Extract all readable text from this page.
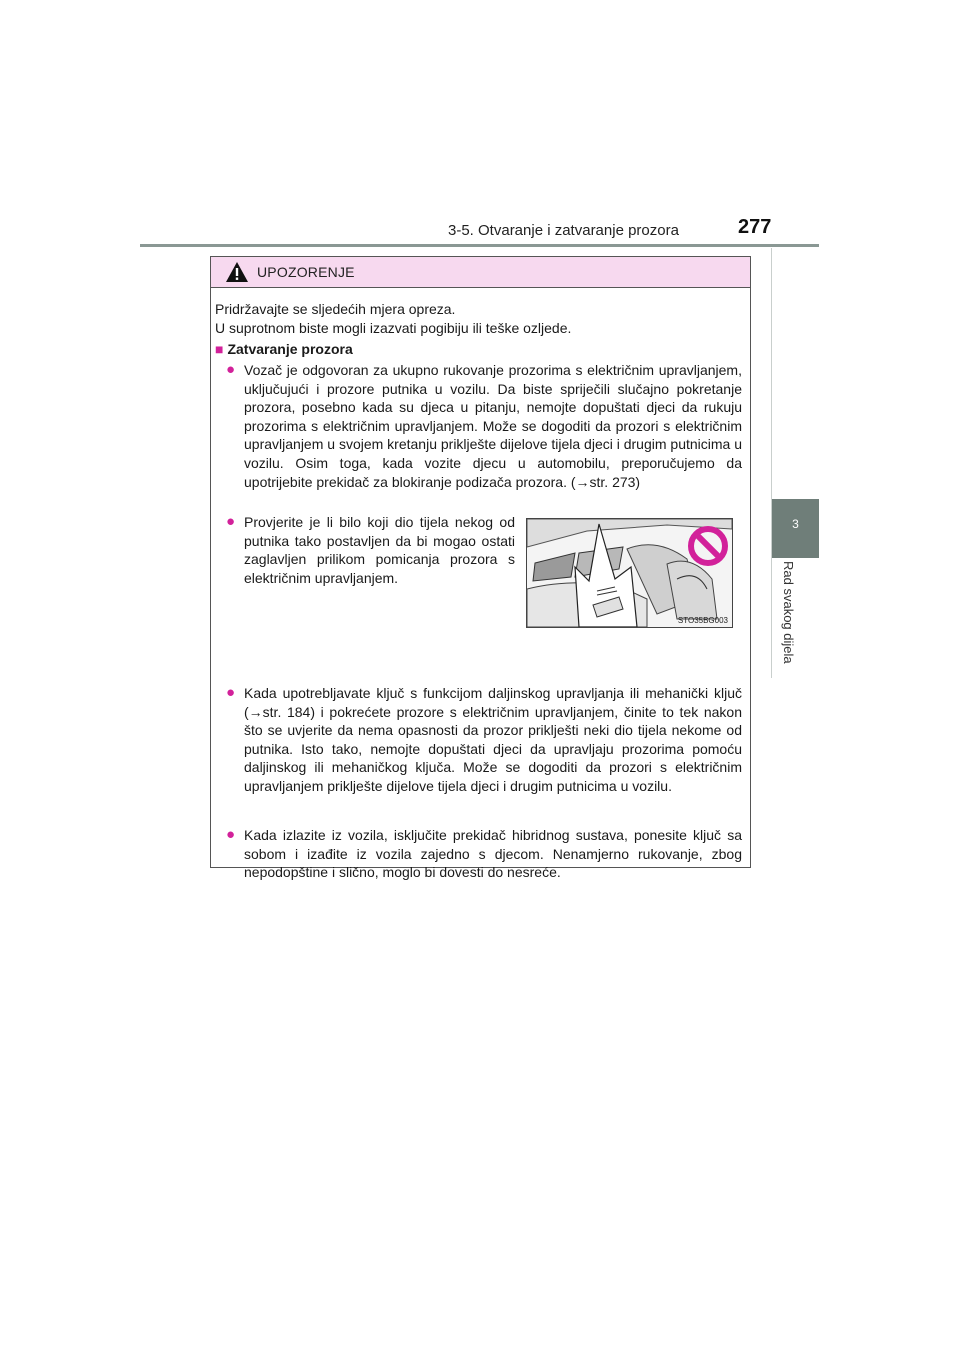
3-5. Otvaranje i zatvaranje prozora	277
3
Rad svakog dijela
UPOZORENJE
Pridržavajte se sljedećih mjera opreza.
U suprotnom biste mogli izazvati pogibiju ili teške ozljede.
■ Zatvaranje prozora
● Vozač je odgovoran za ukupno rukovanje prozorima s električnim upravljanjem, uključujući i prozore putnika u vozilu. Da biste spriječili slučajno pokretanje prozora, posebno kada su djeca u pitanju, nemojte dopuštati djeci da rukuju prozorima s električnim upravljanjem. Može se dogoditi da prozori s električnim upravljanjem u svojem kretanju priklješte dijelove tijela djeci i drugim putnicima u vozilu. Osim toga, kada vozite djecu u automobilu, preporučujemo da upotrijebite prekidač za blokiranje podizača prozora. (→str. 273)
● Provjerite je li bilo koji dio tijela nekog od putnika tako postavljen da bi mogao ostati zaglavljen prilikom pomicanja prozora s električnim upravljanjem.
STO35BG003
● Kada upotrebljavate ključ s funkcijom daljinskog upravljanja ili mehanički ključ (→str. 184) i pokrećete prozore s električnim upravljanjem, činite to tek nakon što se uvjerite da nema opasnosti da prozor priklješti neki dio tijela nekome od putnika. Isto tako, nemojte dopuštati djeci da upravljaju prozorima pomoću daljinskog ili mehaničkog ključa. Može se dogoditi da prozori s električnim upravljanjem priklješte dijelove tijela djeci i drugim putnicima u vozilu.
● Kada izlazite iz vozila, isključite prekidač hibridnog sustava, ponesite ključ sa sobom i izađite iz vozila zajedno s djecom. Nenamjerno rukovanje, zbog nepodopštine i slično, moglo bi dovesti do nesreće.
